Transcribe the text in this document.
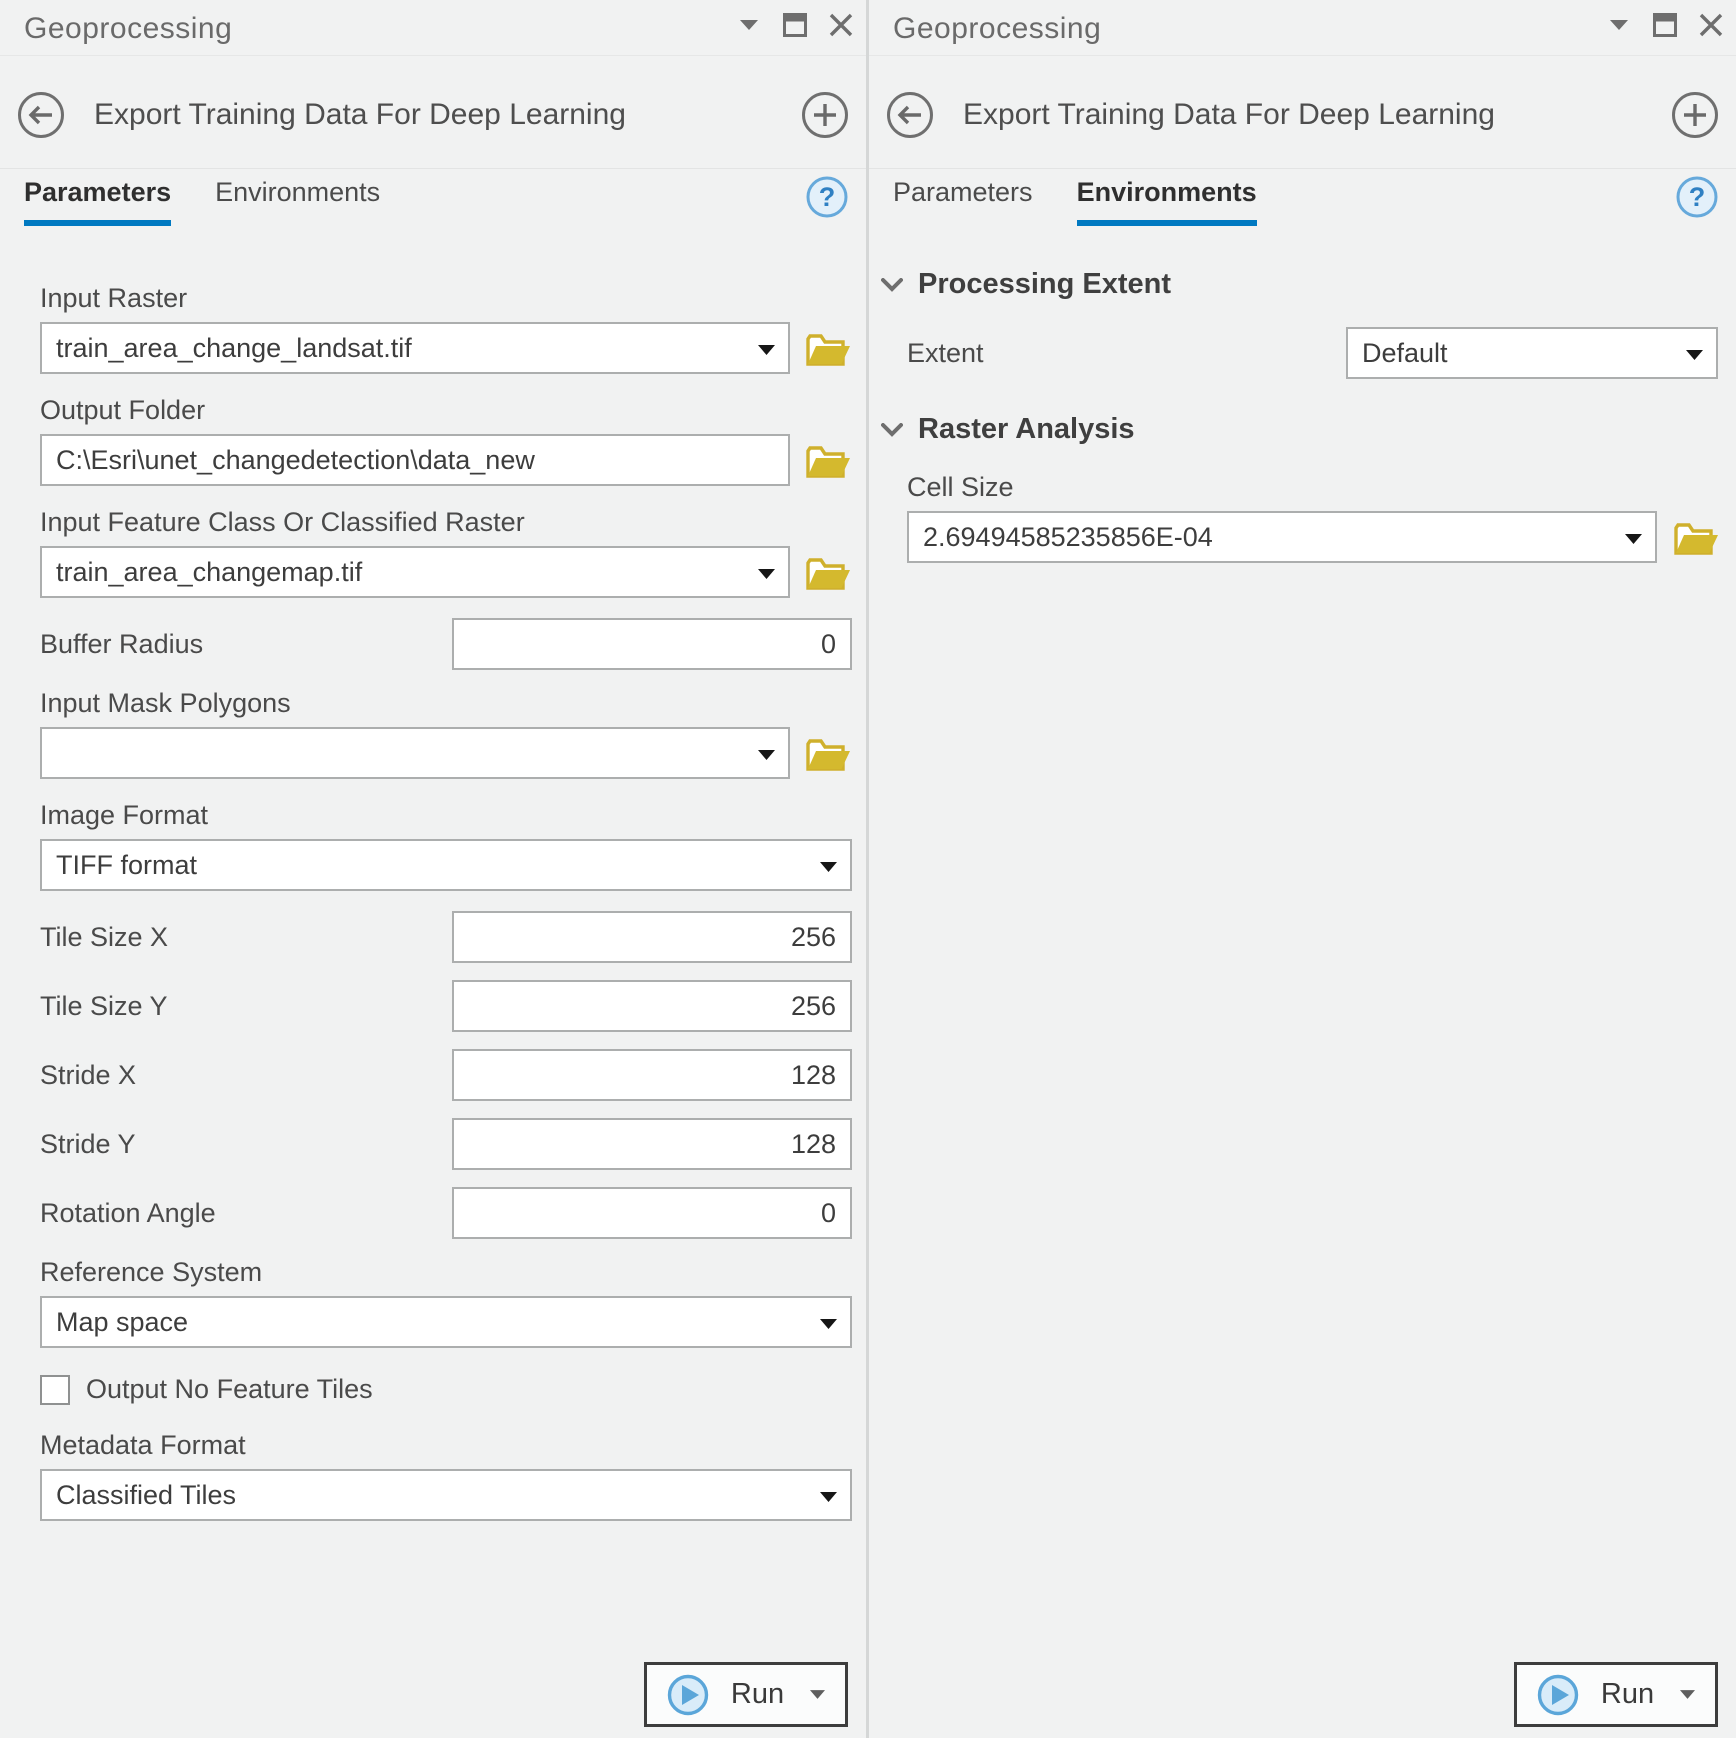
Geoprocessing
Export Training Data For Deep Learning
Parameters Environments
Input Raster
train_area_change_landsat.tif
Output Folder
C:\Esri\unet_changedetection\data_new
Input Feature Class Or Classified Raster
train_area_changemap.tif
Buffer Radius
0
Input Mask Polygons
Image Format
TIFF format
Tile Size X
256
Tile Size Y
256
Stride X
128
Stride Y
128
Rotation Angle
0
Reference System
Map space
Output No Feature Tiles
Metadata Format
Classified Tiles
Run
Geoprocessing
Export Training Data For Deep Learning
Parameters Environments
Processing Extent
Extent	Default
Raster Analysis
Cell Size
2.69494585235856E-04
Run
